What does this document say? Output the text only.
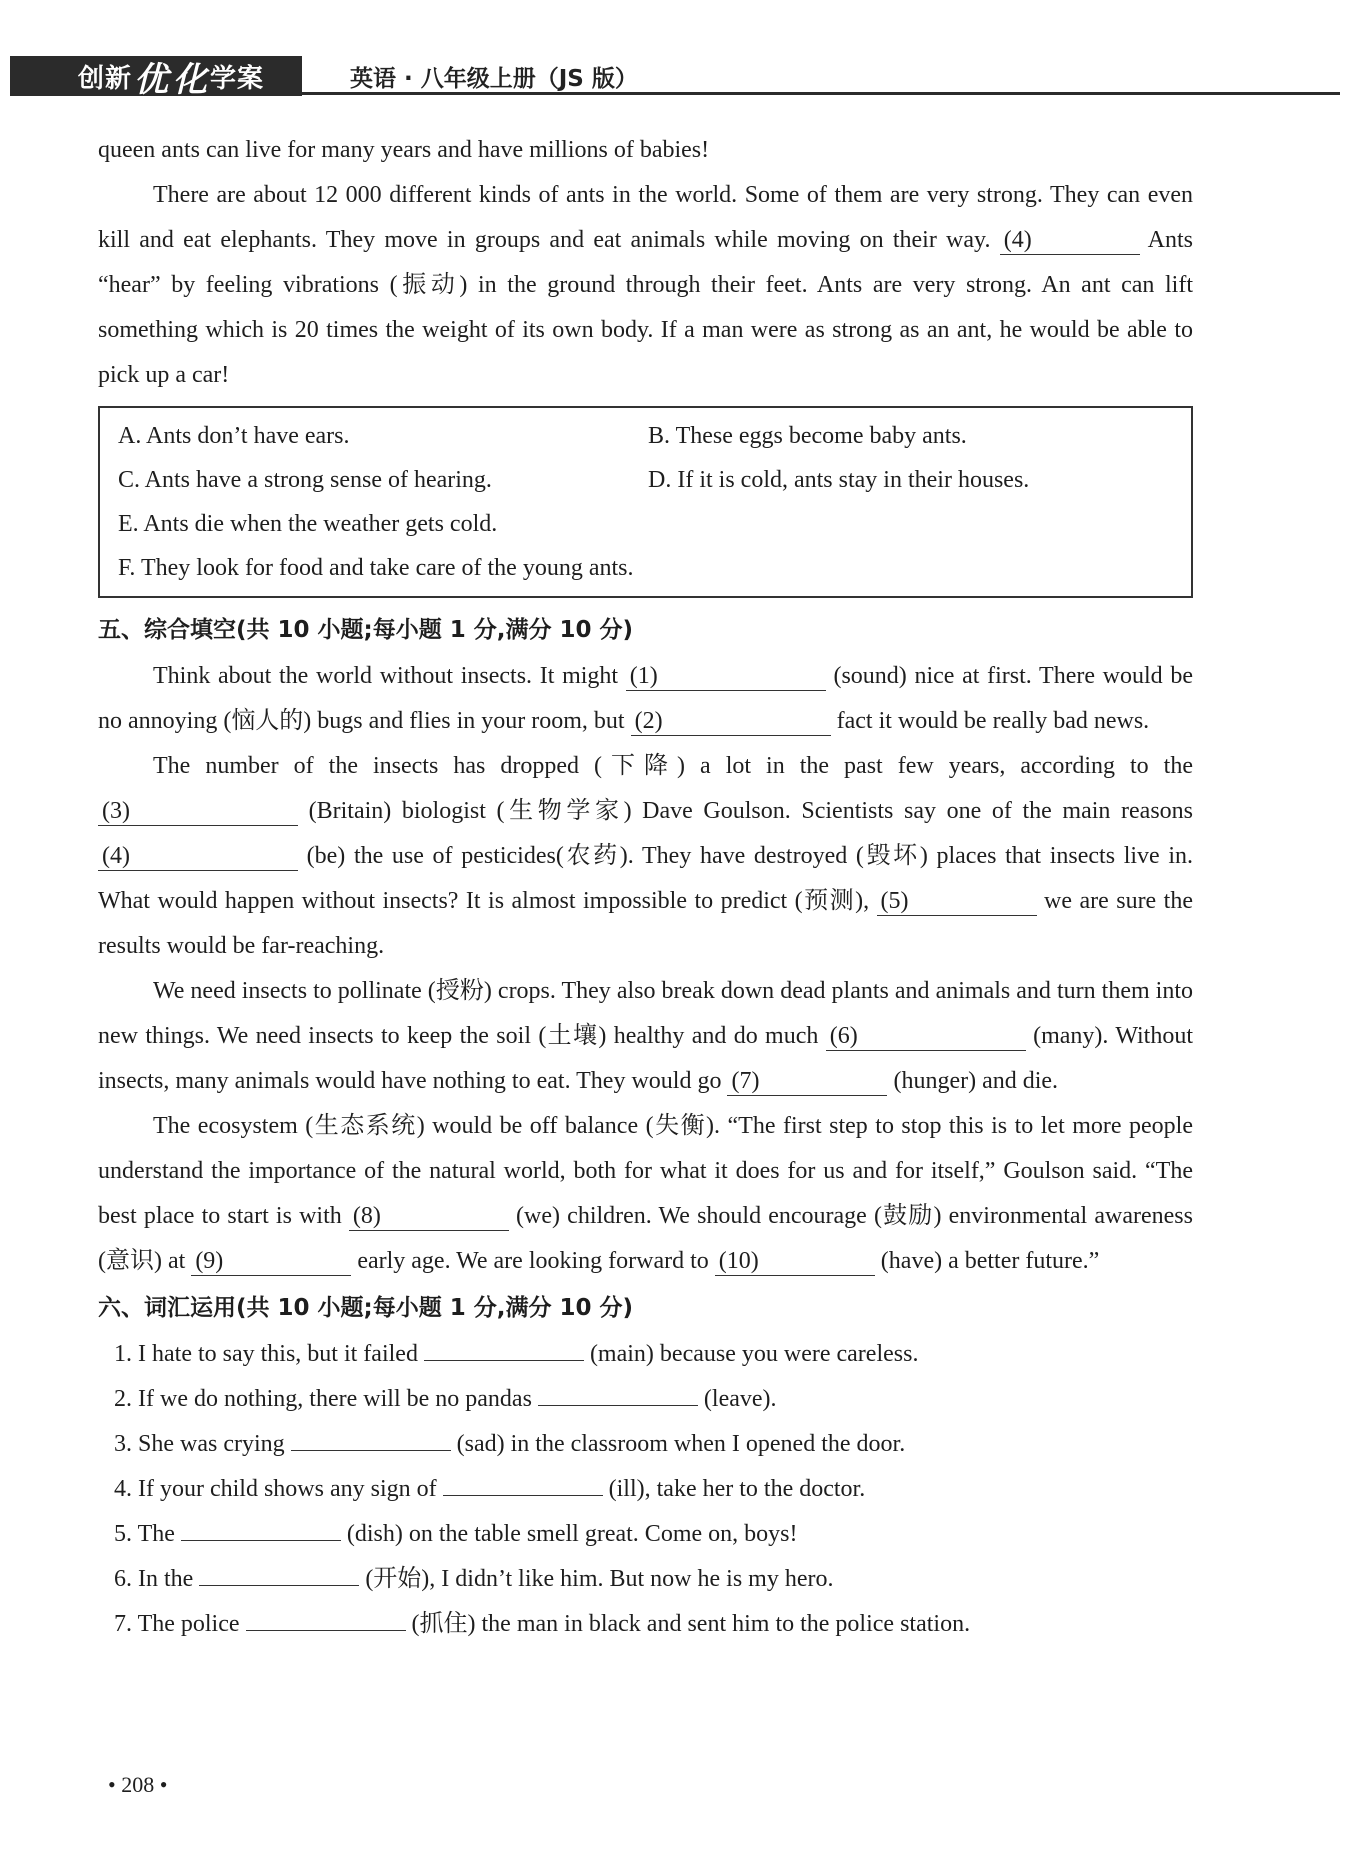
创新 优 化 学案	英语 · 八年级上册（JS 版）

queen ants can live for many years and have millions of babies!

There are about 12 000 different kinds of ants in the world. Some of them are very strong. They can even kill and eat elephants. They move in groups and eat animals while moving on their way. (4)	Ants “hear” by feeling vibrations (振动) in the ground through their feet. Ants are very strong. An ant can lift something which is 20 times the weight of its own body. If a man were as strong as an ant, he would be able to pick up a car!

A. Ants don’t have ears.	B. These eggs become baby ants.
C. Ants have a strong sense of hearing.	D. If it is cold, ants stay in their houses.
E. Ants die when the weather gets cold.
F. They look for food and take care of the young ants.
五、综合填空(共 10 小题;每小题 1 分,满分 10 分)

Think about the world without insects. It might (1)	(sound) nice at first. There would be no annoying (恼人的) bugs and flies in your room, but (2)	fact it would be really bad news.

The number of the insects has dropped (下降) a lot in the past few years, according to the (3)	(Britain) biologist (生物学家) Dave Goulson. Scientists say one of the main reasons (4)	(be) the use of pesticides(农药). They have destroyed (毁坏) places that insects live in. What would happen without insects? It is almost impossible to predict (预测), (5)	we are sure the results would be far-reaching.

We need insects to pollinate (授粉) crops. They also break down dead plants and animals and turn them into new things. We need insects to keep the soil (土壤) healthy and do much (6)	(many). Without insects, many animals would have nothing to eat. They would go (7)	(hunger) and die.

The ecosystem (生态系统) would be off balance (失衡). “The first step to stop this is to let more people understand the importance of the natural world, both for what it does for us and for itself,” Goulson said. “The best place to start is with (8)	(we) children. We should encourage (鼓励) environmental awareness (意识) at (9)	early age. We are looking forward to (10)	(have) a better future.”

六、词汇运用(共 10 小题;每小题 1 分,满分 10 分)
1. I hate to say this, but it failed	(main) because you were careless.
2. If we do nothing, there will be no pandas	(leave).
3. She was crying	(sad) in the classroom when I opened the door.
4. If your child shows any sign of	(ill), take her to the doctor.
5. The	(dish) on the table smell great. Come on, boys!
6. In the	(开始), I didn’t like him. But now he is my hero.
7. The police	(抓住) the man in black and sent him to the police station.
• 208 •
